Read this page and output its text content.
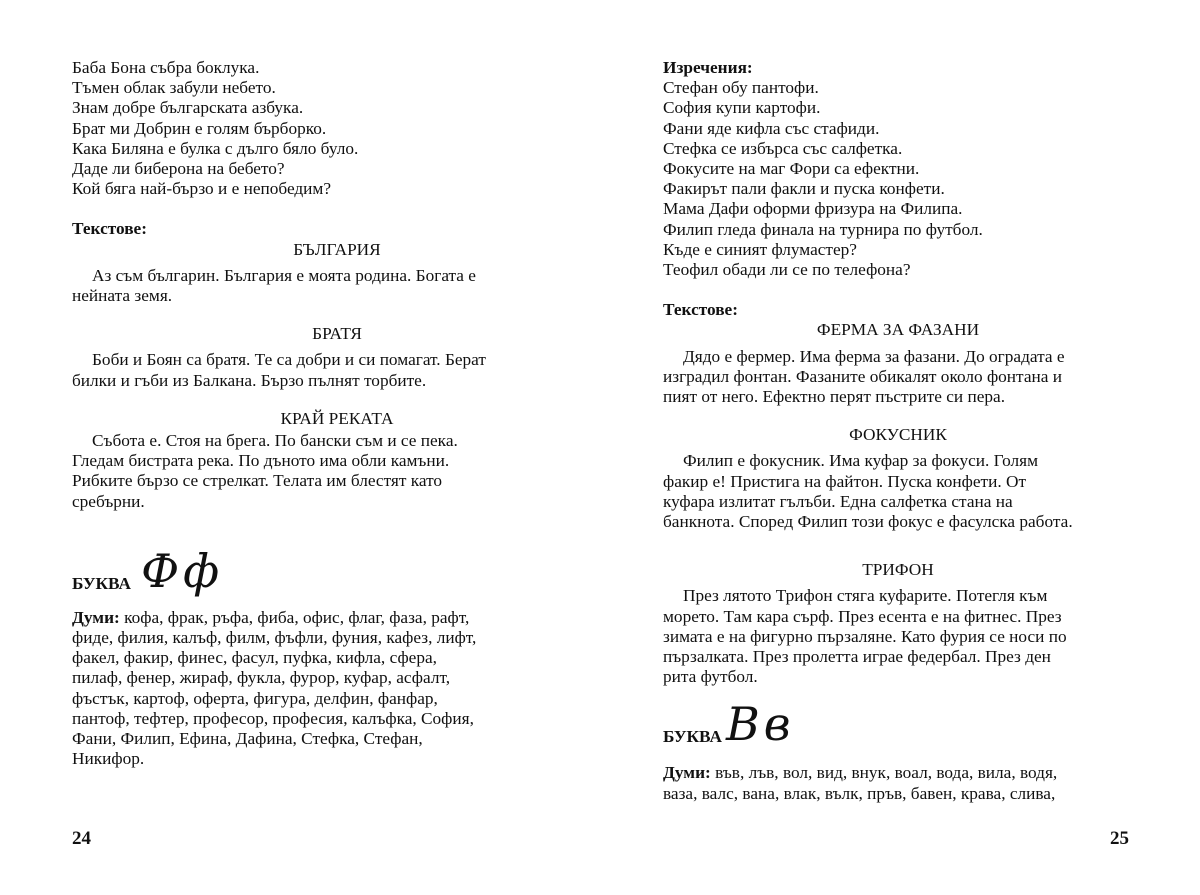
Баба Бона събра боклука.
Тъмен облак забули небето.
Знам добре българската азбука.
Брат ми Добрин е голям бърборко.
Кака Биляна е булка с дълго бяло було.
Даде ли биберона на бебето?
Кой бяга най-бързо и е непобедим?
Текстове:
БЪЛГАРИЯ
Аз съм българин. България е моята родина. Богата е
нейната земя.
БРАТЯ
Боби и Боян са братя. Те са добри и си помагат. Берат
билки и гъби из Балкана. Бързо пълнят торбите.
КРАЙ РЕКАТА
Събота е. Стоя на брега. По бански съм и се пека.
Гледам бистрата река. По дъното има обли камъни.
Рибките бързо се стрелкат. Телата им блестят като
сребърни.
БУКВА Фф
Думи: кофа, фрак, ръфа, фиба, офис, флаг, фаза, рафт,
фиде, филия, калъф, филм, фъфли, фуния, кафез, лифт,
факел, факир, финес, фасул, пуфка, кифла, сфера,
пилаф, фенер, жираф, фукла, фурор, куфар, асфалт,
фъстък, картоф, оферта, фигура, делфин, фанфар,
пантоф, тефтер, професор, професия, калъфка, София,
Фани, Филип, Ефина, Дафина, Стефка, Стефан,
Никифор.
24
Изречения:
Стефан обу пантофи.
София купи картофи.
Фани яде кифла със стафиди.
Стефка се избърса със салфетка.
Фокусите на маг Фори са ефектни.
Факирът пали факли и пуска конфети.
Мама Дафи оформи фризура на Филипа.
Филип гледа финала на турнира по футбол.
Къде е синият флумастер?
Теофил обади ли се по телефона?
Текстове:
ФЕРМА ЗА ФАЗАНИ
Дядо е фермер. Има ферма за фазани. До оградата е
изградил фонтан. Фазаните обикалят около фонтана и
пият от него. Ефектно перят пъстрите си пера.
ФОКУСНИК
Филип е фокусник. Има куфар за фокуси. Голям
факир е! Пристига на файтон. Пуска конфети. От
куфара излитат гълъби. Една салфетка стана на
банкнота. Според Филип този фокус е фасулска работа.
ТРИФОН
През лятото Трифон стяга куфарите. Потегля към
морето. Там кара сърф. През есента е на фитнес. През
зимата е на фигурно пързаляне. Като фурия се носи по
пързалката. През пролетта играе федербал. През ден
рита футбол.
БУКВА Вв
Думи: във, лъв, вол, вид, внук, воал, вода, вила, водя,
ваза, валс, вана, влак, вълк, пръв, бавен, крава, слива,
25
